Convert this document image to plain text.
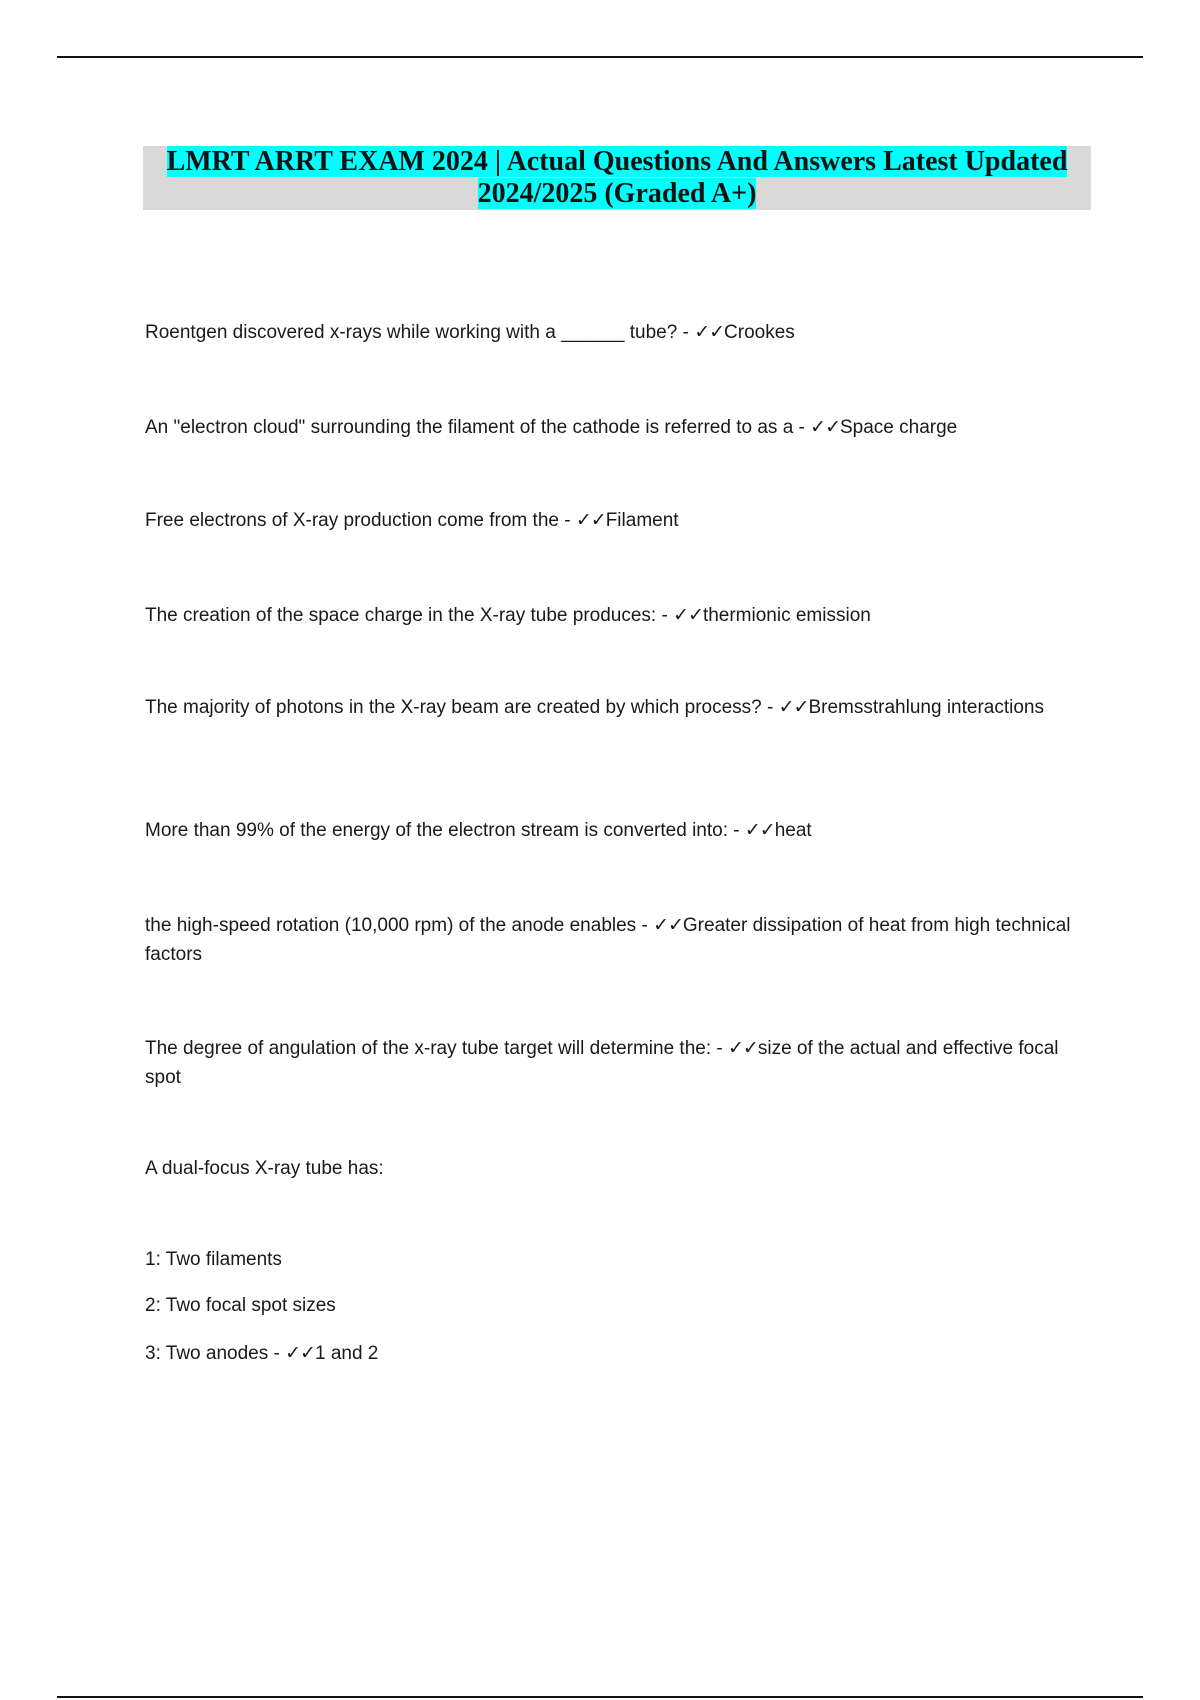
LMRT ARRT EXAM 2024 | Actual Questions And Answers Latest Updated
2024/2025 (Graded A+)

Roentgen discovered x-rays while working with a ______ tube? - ✓✓Crookes

An "electron cloud" surrounding the filament of the cathode is referred to as a - ✓✓Space charge

Free electrons of X-ray production come from the - ✓✓Filament

The creation of the space charge in the X-ray tube produces: - ✓✓thermionic emission

The majority of photons in the X-ray beam are created by which process? - ✓✓Bremsstrahlung interactions

More than 99% of the energy of the electron stream is converted into: - ✓✓heat

the high-speed rotation (10,000 rpm) of the anode enables - ✓✓Greater dissipation of heat from high technical factors

The degree of angulation of the x-ray tube target will determine the: - ✓✓size of the actual and effective focal spot

A dual-focus X-ray tube has:

1: Two filaments

2: Two focal spot sizes

3: Two anodes - ✓✓1 and 2
